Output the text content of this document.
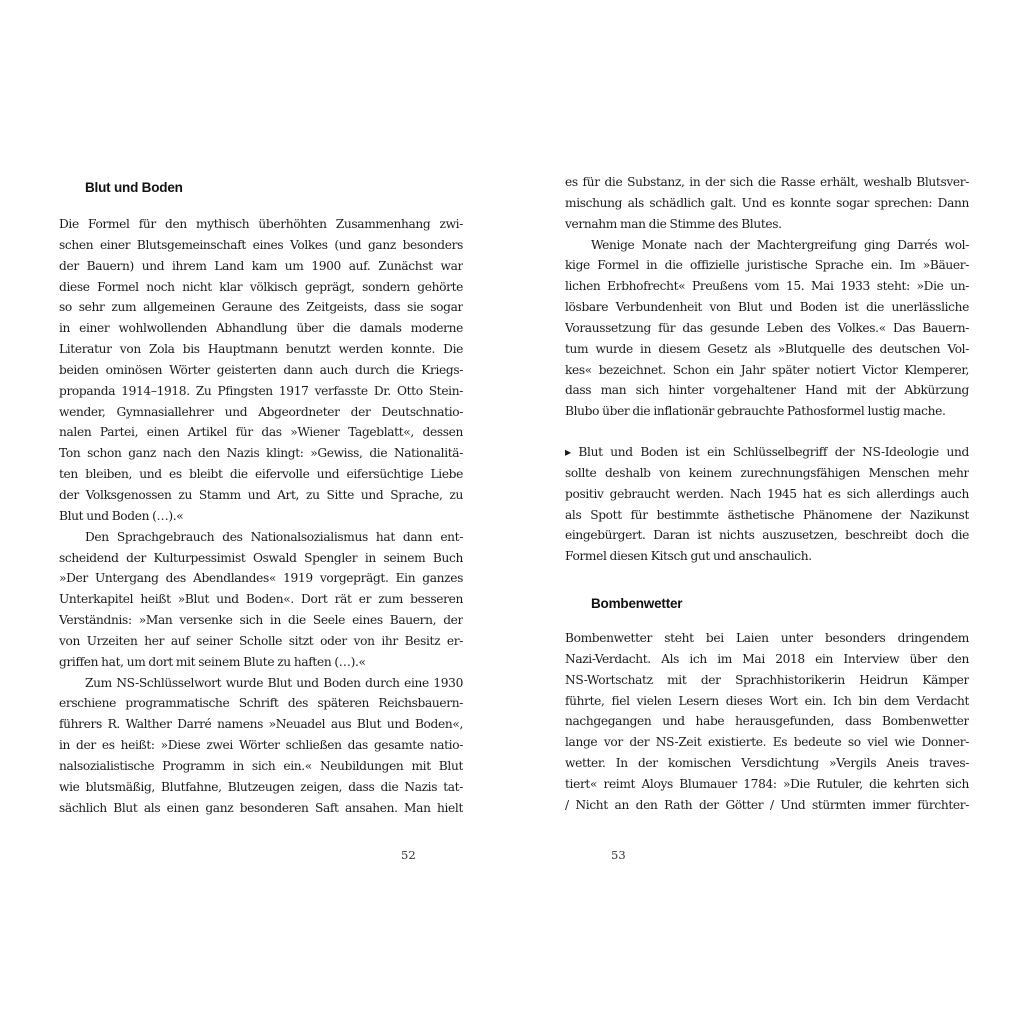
Blut und Boden
Die Formel für den mythisch überhöhten Zusammenhang zwi-
schen einer Blutsgemeinschaft eines Volkes (und ganz besonders
der Bauern) und ihrem Land kam um 1900 auf. Zunächst war
diese Formel noch nicht klar völkisch geprägt, sondern gehörte
so sehr zum allgemeinen Geraune des Zeitgeists, dass sie sogar
in einer wohlwollenden Abhandlung über die damals moderne
Literatur von Zola bis Hauptmann benutzt werden konnte. Die
beiden ominösen Wörter geisterten dann auch durch die Kriegs-
propanda 1914–1918. Zu Pfingsten 1917 verfasste Dr. Otto Stein-
wender, Gymnasiallehrer und Abgeordneter der Deutschnatio-
nalen Partei, einen Artikel für das »Wiener Tageblatt«, dessen
Ton schon ganz nach den Nazis klingt: »Gewiss, die Nationalitä-
ten bleiben, und es bleibt die eifervolle und eifersüchtige Liebe
der Volksgenossen zu Stamm und Art, zu Sitte und Sprache, zu
Blut und Boden (…).«
Den Sprachgebrauch des Nationalsozialismus hat dann ent-
scheidend der Kulturpessimist Oswald Spengler in seinem Buch
»Der Untergang des Abendlandes« 1919 vorgeprägt. Ein ganzes
Unterkapitel heißt »Blut und Boden«. Dort rät er zum besseren
Verständnis: »Man versenke sich in die Seele eines Bauern, der
von Urzeiten her auf seiner Scholle sitzt oder von ihr Besitz er-
griffen hat, um dort mit seinem Blute zu haften (…).«
Zum NS-Schlüsselwort wurde Blut und Boden durch eine 1930
erschiene programmatische Schrift des späteren Reichsbauern-
führers R. Walther Darré namens »Neuadel aus Blut und Boden«,
in der es heißt: »Diese zwei Wörter schließen das gesamte natio-
nalsozialistische Programm in sich ein.« Neubildungen mit Blut
wie blutsmäßig, Blutfahne, Blutzeugen zeigen, dass die Nazis tat-
sächlich Blut als einen ganz besonderen Saft ansahen. Man hielt
52
es für die Substanz, in der sich die Rasse erhält, weshalb Blutsver-
mischung als schädlich galt. Und es konnte sogar sprechen: Dann
vernahm man die Stimme des Blutes.
Wenige Monate nach der Machtergreifung ging Darrés wol-
kige Formel in die offizielle juristische Sprache ein. Im »Bäuer-
lichen Erbhofrecht« Preußens vom 15. Mai 1933 steht: »Die un-
lösbare Verbundenheit von Blut und Boden ist die unerlässliche
Voraussetzung für das gesunde Leben des Volkes.« Das Bauern-
tum wurde in diesem Gesetz als »Blutquelle des deutschen Vol-
kes« bezeichnet. Schon ein Jahr später notiert Victor Klemperer,
dass man sich hinter vorgehaltener Hand mit der Abkürzung
Blubo über die inflationär gebrauchte Pathosformel lustig mache.
▸ Blut und Boden ist ein Schlüsselbegriff der NS-Ideologie und
sollte deshalb von keinem zurechnungsfähigen Menschen mehr
positiv gebraucht werden. Nach 1945 hat es sich allerdings auch
als Spott für bestimmte ästhetische Phänomene der Nazikunst
eingebürgert. Daran ist nichts auszusetzen, beschreibt doch die
Formel diesen Kitsch gut und anschaulich.
Bombenwetter
Bombenwetter steht bei Laien unter besonders dringendem
Nazi-Verdacht. Als ich im Mai 2018 ein Interview über den
NS-Wortschatz mit der Sprachhistorikerin Heidrun Kämper
führte, fiel vielen Lesern dieses Wort ein. Ich bin dem Verdacht
nachgegangen und habe herausgefunden, dass Bombenwetter
lange vor der NS-Zeit existierte. Es bedeute so viel wie Donner-
wetter. In der komischen Versdichtung »Vergils Aneis traves-
tiert« reimt Aloys Blumauer 1784: »Die Rutuler, die kehrten sich
/ Nicht an den Rath der Götter / Und stürmten immer fürchter-
53
